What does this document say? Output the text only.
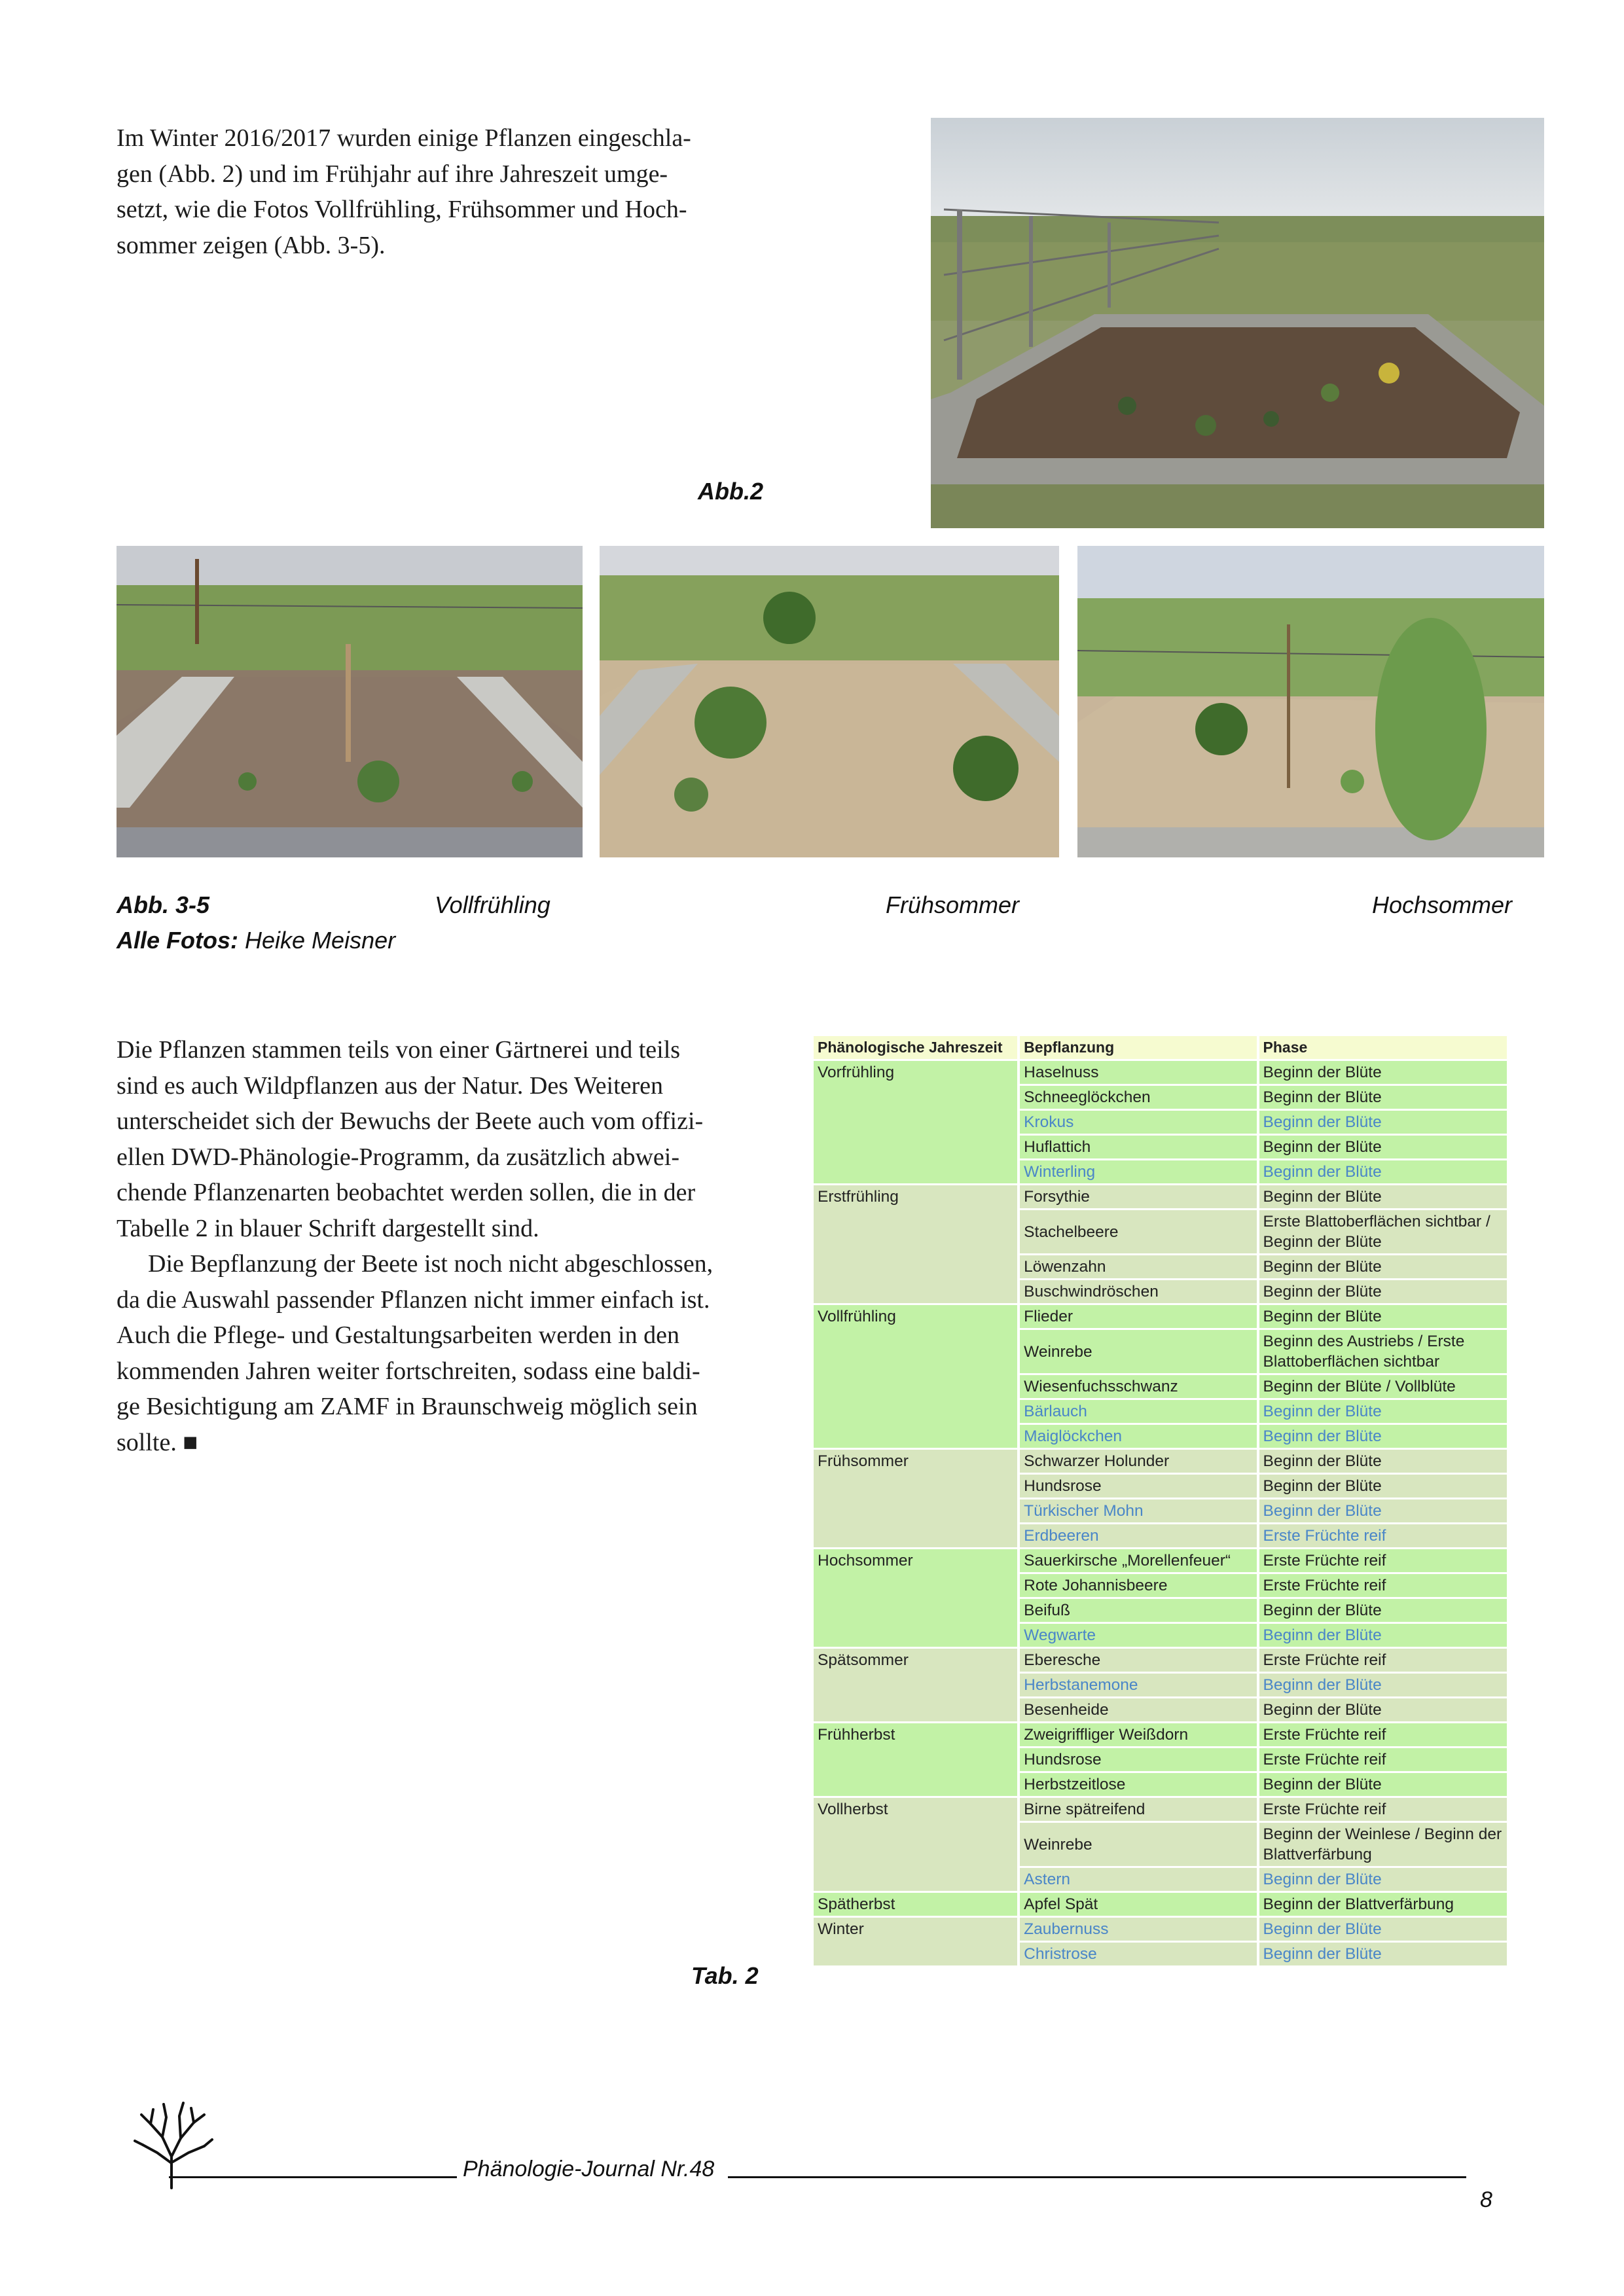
Im Winter 2016/2017 wurden einige Pflanzen eingeschla-
gen (Abb. 2) und im Frühjahr auf ihre Jahreszeit umge-
setzt, wie die Fotos Vollfrühling, Frühsommer und Hoch-
sommer zeigen (Abb. 3-5).
Abb.2
Abb. 3-5	Vollfrühling	Frühsommer	Hochsommer
Alle Fotos: Heike Meisner
Die Pflanzen stammen teils von einer Gärtnerei und teils
sind es auch Wildpflanzen aus der Natur. Des Weiteren
unterscheidet sich der Bewuchs der Beete auch vom offizi-
ellen DWD-Phänologie-Programm, da zusätzlich abwei-
chende Pflanzenarten beobachtet werden sollen, die in der
Tabelle 2 in blauer Schrift dargestellt sind.
Die Bepflanzung der Beete ist noch nicht abgeschlossen,
da die Auswahl passender Pflanzen nicht immer einfach ist.
Auch die Pflege- und Gestaltungsarbeiten werden in den
kommenden Jahren weiter fortschreiten, sodass eine baldi-
ge Besichtigung am ZAMF in Braunschweig möglich sein
sollte. ■
Tab. 2
Phänologische Jahreszeit	Bepflanzung	Phase
Vorfrühling	Haselnuss	Beginn der Blüte
	Schneeglöckchen	Beginn der Blüte
	Krokus	Beginn der Blüte
	Huflattich	Beginn der Blüte
	Winterling	Beginn der Blüte
Erstfrühling	Forsythie	Beginn der Blüte
	Stachelbeere	Erste Blattoberflächen sichtbar / Beginn der Blüte
	Löwenzahn	Beginn der Blüte
	Buschwindröschen	Beginn der Blüte
Vollfrühling	Flieder	Beginn der Blüte
	Weinrebe	Beginn des Austriebs / Erste Blattoberflächen sichtbar
	Wiesenfuchsschwanz	Beginn der Blüte / Vollblüte
	Bärlauch	Beginn der Blüte
	Maiglöckchen	Beginn der Blüte
Frühsommer	Schwarzer Holunder	Beginn der Blüte
	Hundsrose	Beginn der Blüte
	Türkischer Mohn	Beginn der Blüte
	Erdbeeren	Erste Früchte reif
Hochsommer	Sauerkirsche „Morellenfeuer“	Erste Früchte reif
	Rote Johannisbeere	Erste Früchte reif
	Beifuß	Beginn der Blüte
	Wegwarte	Beginn der Blüte
Spätsommer	Eberesche	Erste Früchte reif
	Herbstanemone	Beginn der Blüte
	Besenheide	Beginn der Blüte
Frühherbst	Zweigriffliger Weißdorn	Erste Früchte reif
	Hundsrose	Erste Früchte reif
	Herbstzeitlose	Beginn der Blüte
Vollherbst	Birne spätreifend	Erste Früchte reif
	Weinrebe	Beginn der Weinlese / Beginn der Blattverfärbung
	Astern	Beginn der Blüte
Spätherbst	Apfel Spät	Beginn der Blattverfärbung
Winter	Zaubernuss	Beginn der Blüte
	Christrose	Beginn der Blüte
Phänologie-Journal Nr.48
8
